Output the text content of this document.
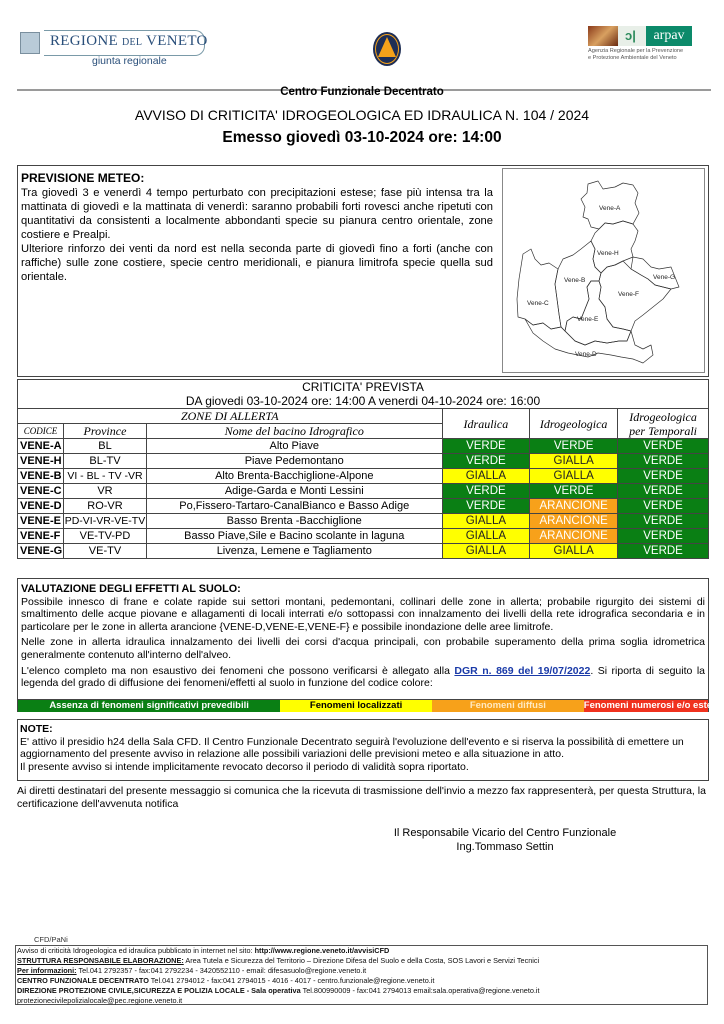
REGIONE DEL VENETO
giunta regionale
ɔ|	arpav
Agenzia Regionale per la Prevenzione
e Protezione Ambientale del Veneto
Centro Funzionale Decentrato
AVVISO DI CRITICITA' IDROGEOLOGICA ED IDRAULICA N. 104 / 2024
Emesso giovedì 03-10-2024 ore: 14:00
PREVISIONE METEO:
Tra giovedì 3 e venerdì 4 tempo perturbato con precipitazioni estese; fase più intensa tra la mattinata di giovedì e la mattinata di venerdì: saranno probabili forti rovesci anche ripetuti con quantitativi da consistenti a localmente abbondanti specie su pianura centro orientale, zone costiere e Prealpi.
Ulteriore rinforzo dei venti da nord est nella seconda parte di giovedì fino a forti (anche con raffiche) sulle zone costiere, specie centro meridionali, e pianura limitrofa specie quella sud orientale.
Vene-A
Vene-H
Vene-B	Vene-G
Vene-C
Vene-F
Vene-E
Vene-D
CRITICITA' PREVISTA					
DA giovedi 03-10-2024 ore: 14:00 A venerdi 04-10-2024 ore: 16:00					
ZONE DI ALLERTA			Idraulica	Idrogeologica	Idrogeologica
per Temporali

CODICE	Province	Nome del bacino Idrografico			
VENE-A	BL	Alto Piave	VERDE	VERDE	VERDE
VENE-H	BL-TV	Piave Pedemontano	VERDE	GIALLA	VERDE
VENE-B	VI - BL - TV -VR	Alto Brenta-Bacchiglione-Alpone	GIALLA	GIALLA	VERDE
VENE-C	VR	Adige-Garda e Monti Lessini	VERDE	VERDE	VERDE
VENE-D	RO-VR	Po,Fissero-Tartaro-CanalBianco e Basso Adige	VERDE	ARANCIONE	VERDE
VENE-E	PD-VI-VR-VE-TV	Basso Brenta -Bacchiglione	GIALLA	ARANCIONE	VERDE
VENE-F	VE-TV-PD	Basso Piave,Sile e Bacino scolante in laguna	GIALLA	ARANCIONE	VERDE
VENE-G	VE-TV	Livenza, Lemene e Tagliamento	GIALLA	GIALLA	VERDE
VALUTAZIONE DEGLI EFFETTI AL SUOLO:

Possibile innesco di frane e colate rapide sui settori montani, pedemontani, collinari delle zone in allerta; probabile rigurgito dei sistemi di smaltimento delle acque piovane e allagamenti di locali interrati e/o sottopassi con innalzamento dei livelli della rete idrografica secondaria e in particolare per le zone in allerta arancione {VENE-D,VENE-E,VENE-F} e possibile inondazione delle aree limitrofe.

Nelle zone in allerta idraulica innalzamento dei livelli dei corsi d'acqua principali, con probabile superamento della prima soglia idrometrica generalmente contenuto all'interno dell'alveo.

L'elenco completo ma non esaustivo dei fenomeni che possono verificarsi è allegato alla DGR n. 869 del 19/07/2022. Si riporta di seguito la legenda del grado di diffusione dei fenomeni/effetti al suolo in funzione del codice colore:

Assenza di fenomeni significativi prevedibili	Fenomeni localizzati	Fenomeni diffusi	Fenomeni numerosi e/o estesi
NOTE:
E' attivo il presidio h24 della Sala CFD. Il Centro Funzionale Decentrato seguirà l'evoluzione dell'evento e si riserva la possibilità di emettere un aggiornamento del presente avviso in relazione alle possibili variazioni delle previsioni meteo e alla situazione in atto.
Il presente avviso si intende implicitamente revocato decorso il periodo di validità sopra riportato.
Ai diretti destinatari del presente messaggio si comunica che la ricevuta di trasmissione dell'invio a mezzo fax rappresenterà, per questa Struttura, la certificazione dell'avvenuta notifica
Il Responsabile Vicario del Centro Funzionale
Ing.Tommaso Settin
CFD/PaNi
Avviso di criticità Idrogeologica ed idraulica pubblicato in internet nel sito: http://www.regione.veneto.it/avvisiCFD
STRUTTURA RESPONSABILE ELABORAZIONE: Area Tutela e Sicurezza del Territorio – Direzione Difesa del Suolo e della Costa, SOS Lavori e Servizi Tecnici
Per informazioni: Tel.041 2792357 - fax:041 2792234 - 3420552110 - email: difesasuolo@regione.veneto.it
CENTRO FUNZIONALE DECENTRATO Tel.041 2794012 - fax:041 2794015 - 4016 - 4017 - centro.funzionale@regione.veneto.it
DIREZIONE PROTEZIONE CIVILE,SICUREZZA E POLIZIA LOCALE - Sala operativa Tel.800990009 - fax:041 2794013 email:sala.operativa@regione.veneto.it
protezionecivilepolizialocale@pec.regione.veneto.it
